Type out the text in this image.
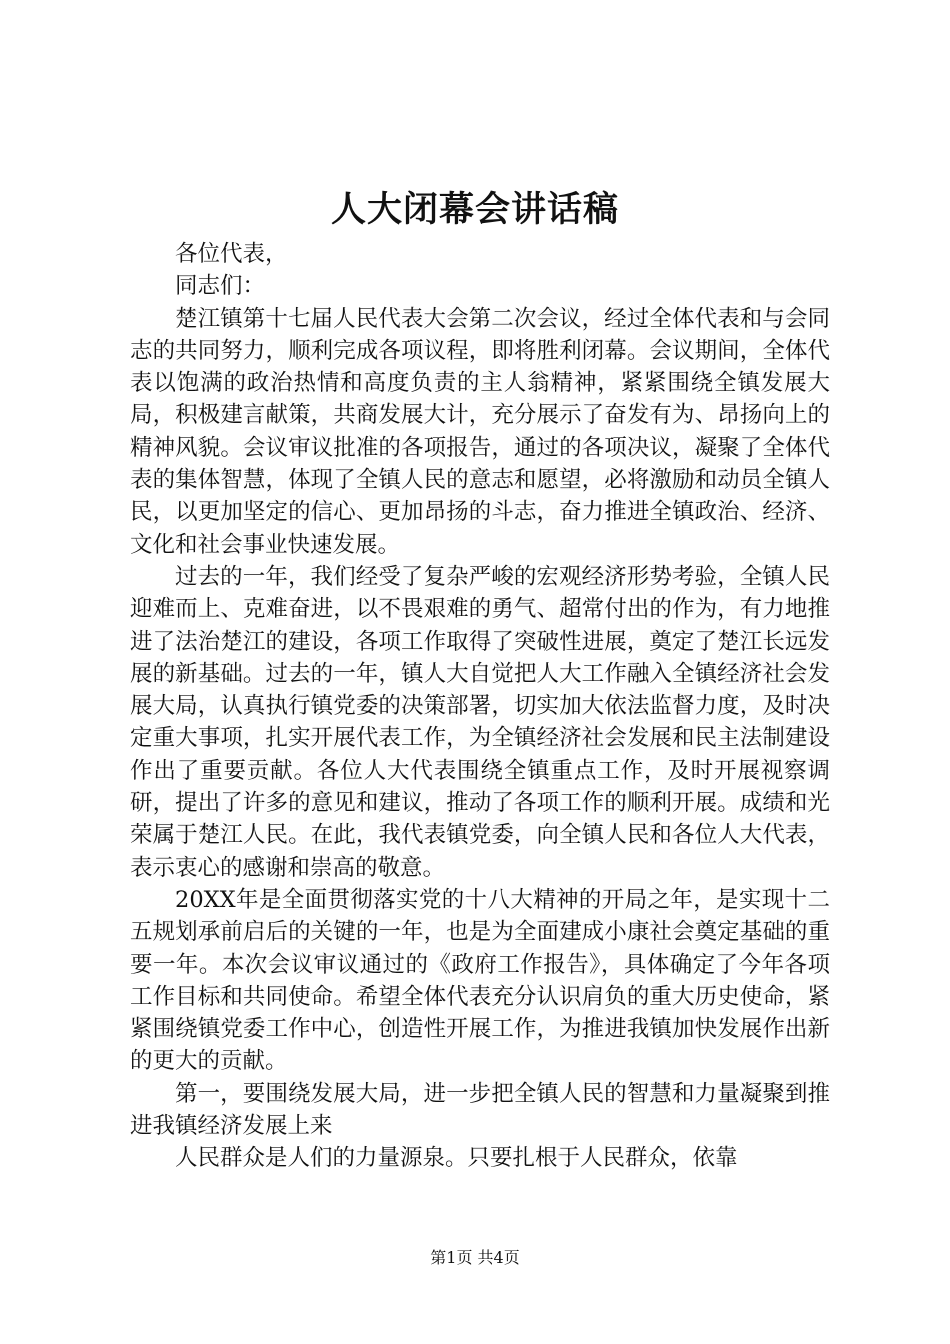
人大闭幕会讲话稿

各位代表，

同志们：

楚江镇第十七届人民代表大会第二次会议，经过全体代表和与会同志的共同努力，顺利完成各项议程，即将胜利闭幕。会议期间，全体代表以饱满的政治热情和高度负责的主人翁精神，紧紧围绕全镇发展大局，积极建言献策，共商发展大计，充分展示了奋发有为、昂扬向上的精神风貌。会议审议批准的各项报告，通过的各项决议，凝聚了全体代表的集体智慧，体现了全镇人民的意志和愿望，必将激励和动员全镇人民，以更加坚定的信心、更加昂扬的斗志，奋力推进全镇政治、经济、文化和社会事业快速发展。

过去的一年，我们经受了复杂严峻的宏观经济形势考验，全镇人民迎难而上、克难奋进，以不畏艰难的勇气、超常付出的作为，有力地推进了法治楚江的建设，各项工作取得了突破性进展，奠定了楚江长远发展的新基础。过去的一年，镇人大自觉把人大工作融入全镇经济社会发展大局，认真执行镇党委的决策部署，切实加大依法监督力度，及时决定重大事项，扎实开展代表工作，为全镇经济社会发展和民主法制建设作出了重要贡献。各位人大代表围绕全镇重点工作，及时开展视察调研，提出了许多的意见和建议，推动了各项工作的顺利开展。成绩和光荣属于楚江人民。在此，我代表镇党委，向全镇人民和各位人大代表，表示衷心的感谢和崇高的敬意。

20XX年是全面贯彻落实党的十八大精神的开局之年，是实现十二五规划承前启后的关键的一年，也是为全面建成小康社会奠定基础的重要一年。本次会议审议通过的《政府工作报告》，具体确定了今年各项工作目标和共同使命。希望全体代表充分认识肩负的重大历史使命，紧紧围绕镇党委工作中心，创造性开展工作，为推进我镇加快发展作出新的更大的贡献。

第一，要围绕发展大局，进一步把全镇人民的智慧和力量凝聚到推进我镇经济发展上来

人民群众是人们的力量源泉。只要扎根于人民群众，依靠

第1页 共4页
